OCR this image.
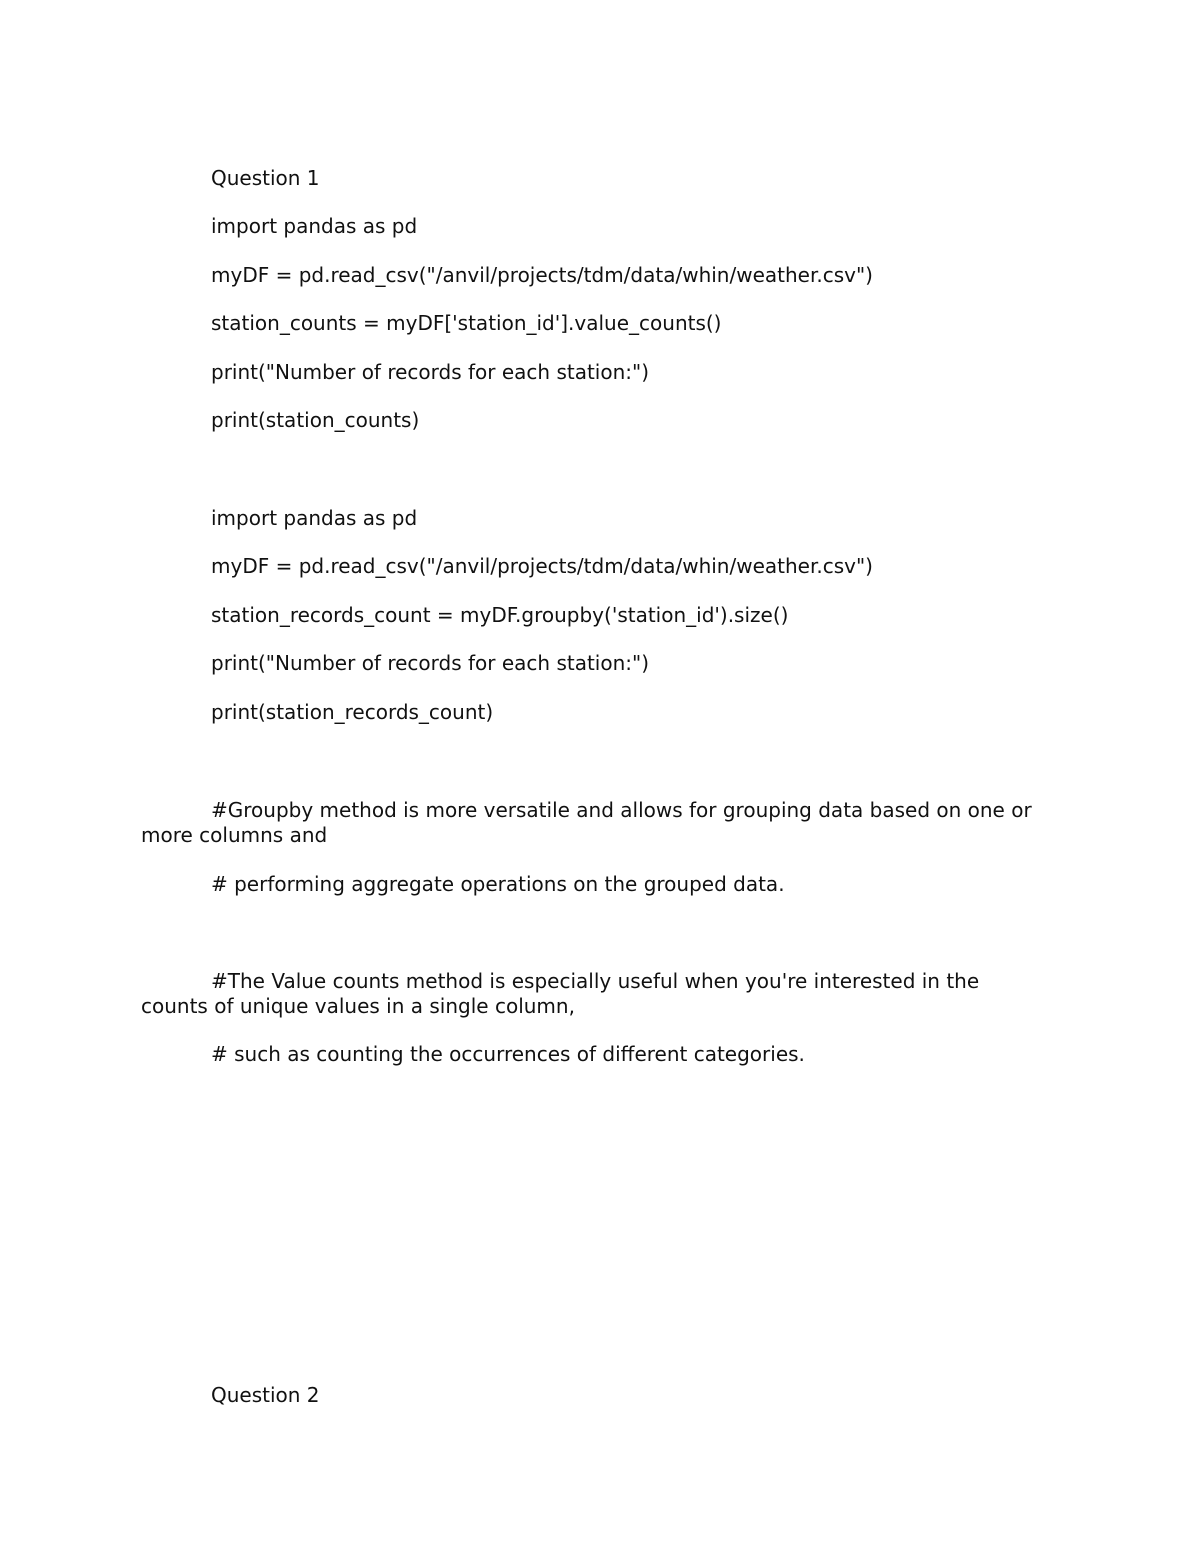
Question 1
import pandas as pd
myDF = pd.read_csv("/anvil/projects/tdm/data/whin/weather.csv")
station_counts = myDF['station_id'].value_counts()
print("Number of records for each station:")
print(station_counts)
import pandas as pd
myDF = pd.read_csv("/anvil/projects/tdm/data/whin/weather.csv")
station_records_count = myDF.groupby('station_id').size()
print("Number of records for each station:")
print(station_records_count)
#Groupby method is more versatile and allows for grouping data based on one or more columns and
# performing aggregate operations on the grouped data.
#The Value counts method is especially useful when you're interested in the counts of unique values in a single column,
# such as counting the occurrences of different categories.
Question 2
